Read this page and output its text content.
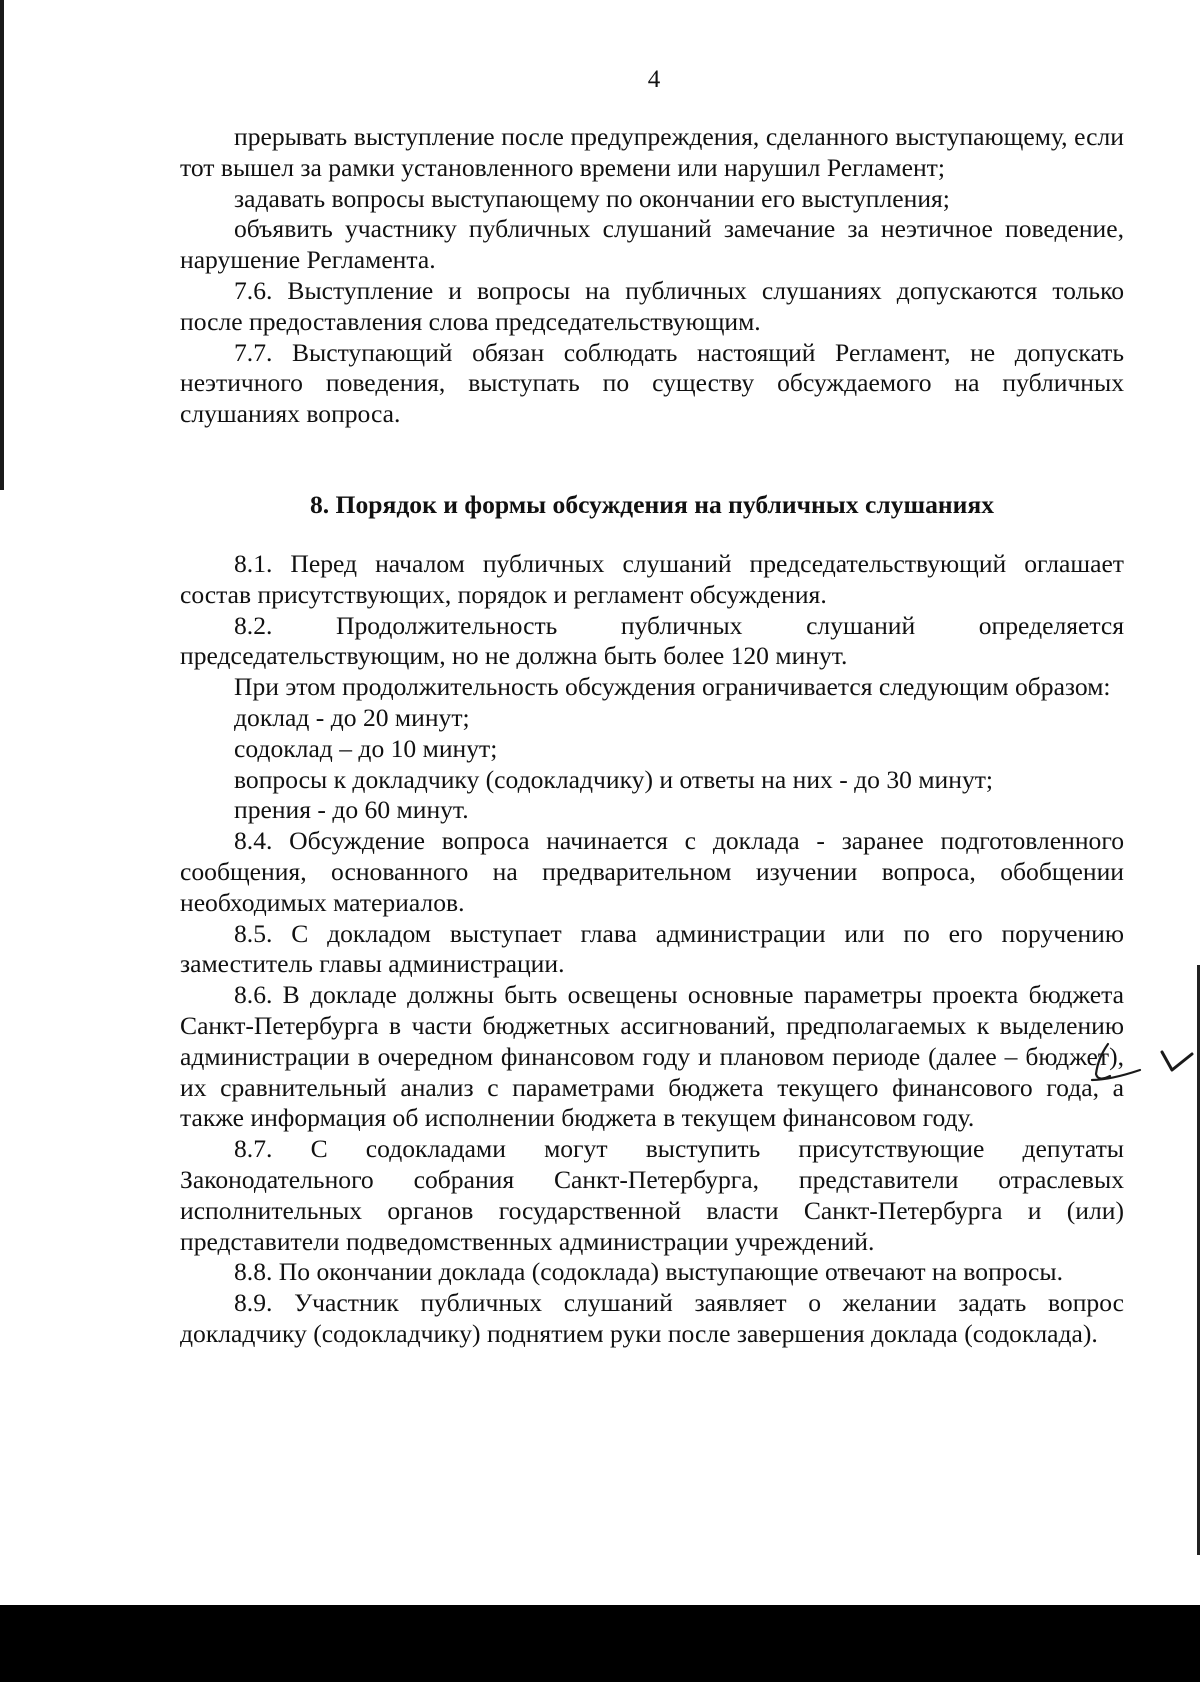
4

прерывать выступление после предупреждения, сделанного выступающему, если тот вышел за рамки установленного времени или нарушил Регламент;

задавать вопросы выступающему по окончании его выступления;

объявить участнику публичных слушаний замечание за неэтичное поведение, нарушение Регламента.

7.6. Выступление и вопросы на публичных слушаниях допускаются только после предоставления слова председательствующим.

7.7. Выступающий обязан соблюдать настоящий Регламент, не допускать неэтичного поведения, выступать по существу обсуждаемого на публичных слушаниях вопроса.

8. Порядок и формы обсуждения на публичных слушаниях

8.1. Перед началом публичных слушаний председательствующий оглашает состав присутствующих, порядок и регламент обсуждения.

8.2. Продолжительность публичных слушаний определяется председательствующим, но не должна быть более 120 минут.

При этом продолжительность обсуждения ограничивается следующим образом:

доклад - до 20 минут;

содоклад – до 10 минут;

вопросы к докладчику (содокладчику) и ответы на них - до 30 минут;

прения - до 60 минут.

8.4. Обсуждение вопроса начинается с доклада - заранее подготовленного сообщения, основанного на предварительном изучении вопроса, обобщении необходимых материалов.

8.5. С докладом выступает глава администрации или по его поручению заместитель главы администрации.

8.6. В докладе должны быть освещены основные параметры проекта бюджета Санкт-Петербурга в части бюджетных ассигнований, предполагаемых к выделению администрации в очередном финансовом году и плановом периоде (далее – бюджет), их сравнительный анализ с параметрами бюджета текущего финансового года, а также информация об исполнении бюджета в текущем финансовом году.

8.7. С содокладами могут выступить присутствующие депутаты Законодательного собрания Санкт-Петербурга, представители отраслевых исполнительных органов государственной власти Санкт-Петербурга и (или) представители подведомственных администрации учреждений.

8.8. По окончании доклада (содоклада) выступающие отвечают на вопросы.

8.9. Участник публичных слушаний заявляет о желании задать вопрос докладчику (содокладчику) поднятием руки после завершения доклада (содоклада).
